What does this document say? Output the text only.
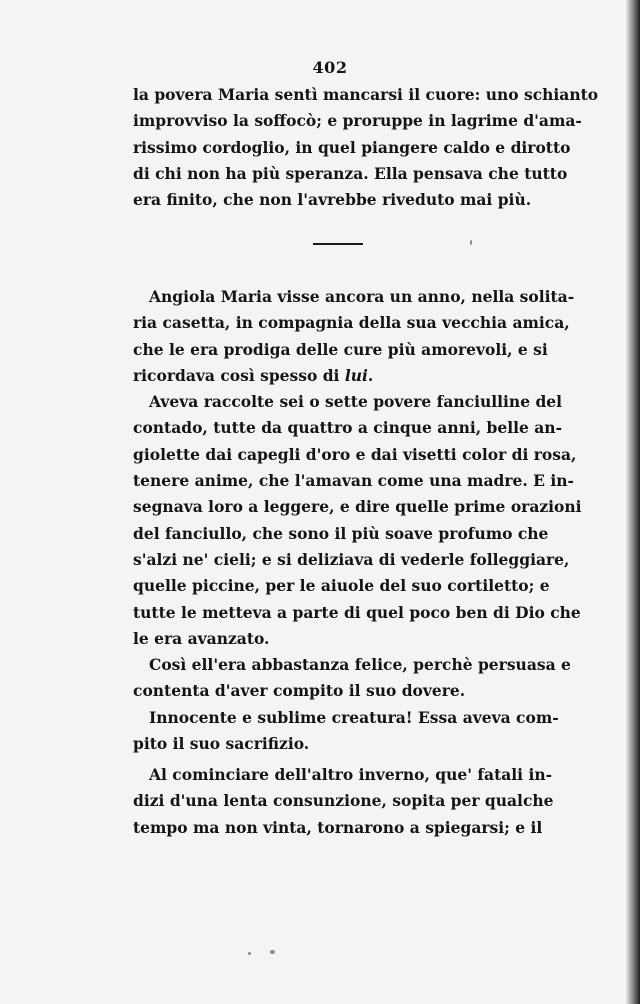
402
la povera Maria sentì mancarsi il cuore: uno schianto
improvviso la soffocò; e proruppe in lagrime d'ama-
rissimo cordoglio, in quel piangere caldo e dirotto
di chi non ha più speranza. Ella pensava che tutto
era finito, che non l'avrebbe riveduto mai più.
Angiola Maria visse ancora un anno, nella solita-
ria casetta, in compagnia della sua vecchia amica,
che le era prodiga delle cure più amorevoli, e si
ricordava così spesso di lui.
Aveva raccolte sei o sette povere fanciulline del
contado, tutte da quattro a cinque anni, belle an-
giolette dai capegli d'oro e dai visetti color di rosa,
tenere anime, che l'amavan come una madre. E in-
segnava loro a leggere, e dire quelle prime orazioni
del fanciullo, che sono il più soave profumo che
s'alzi ne' cieli; e si deliziava di vederle folleggiare,
quelle piccine, per le aiuole del suo cortiletto; e
tutte le metteva a parte di quel poco ben di Dio che
le era avanzato.
Così ell'era abbastanza felice, perchè persuasa e
contenta d'aver compito il suo dovere.
Innocente e sublime creatura! Essa aveva com-
pito il suo sacrifizio.
Al cominciare dell'altro inverno, que' fatali in-
dizi d'una lenta consunzione, sopita per qualche
tempo ma non vinta, tornarono a spiegarsi; e il
